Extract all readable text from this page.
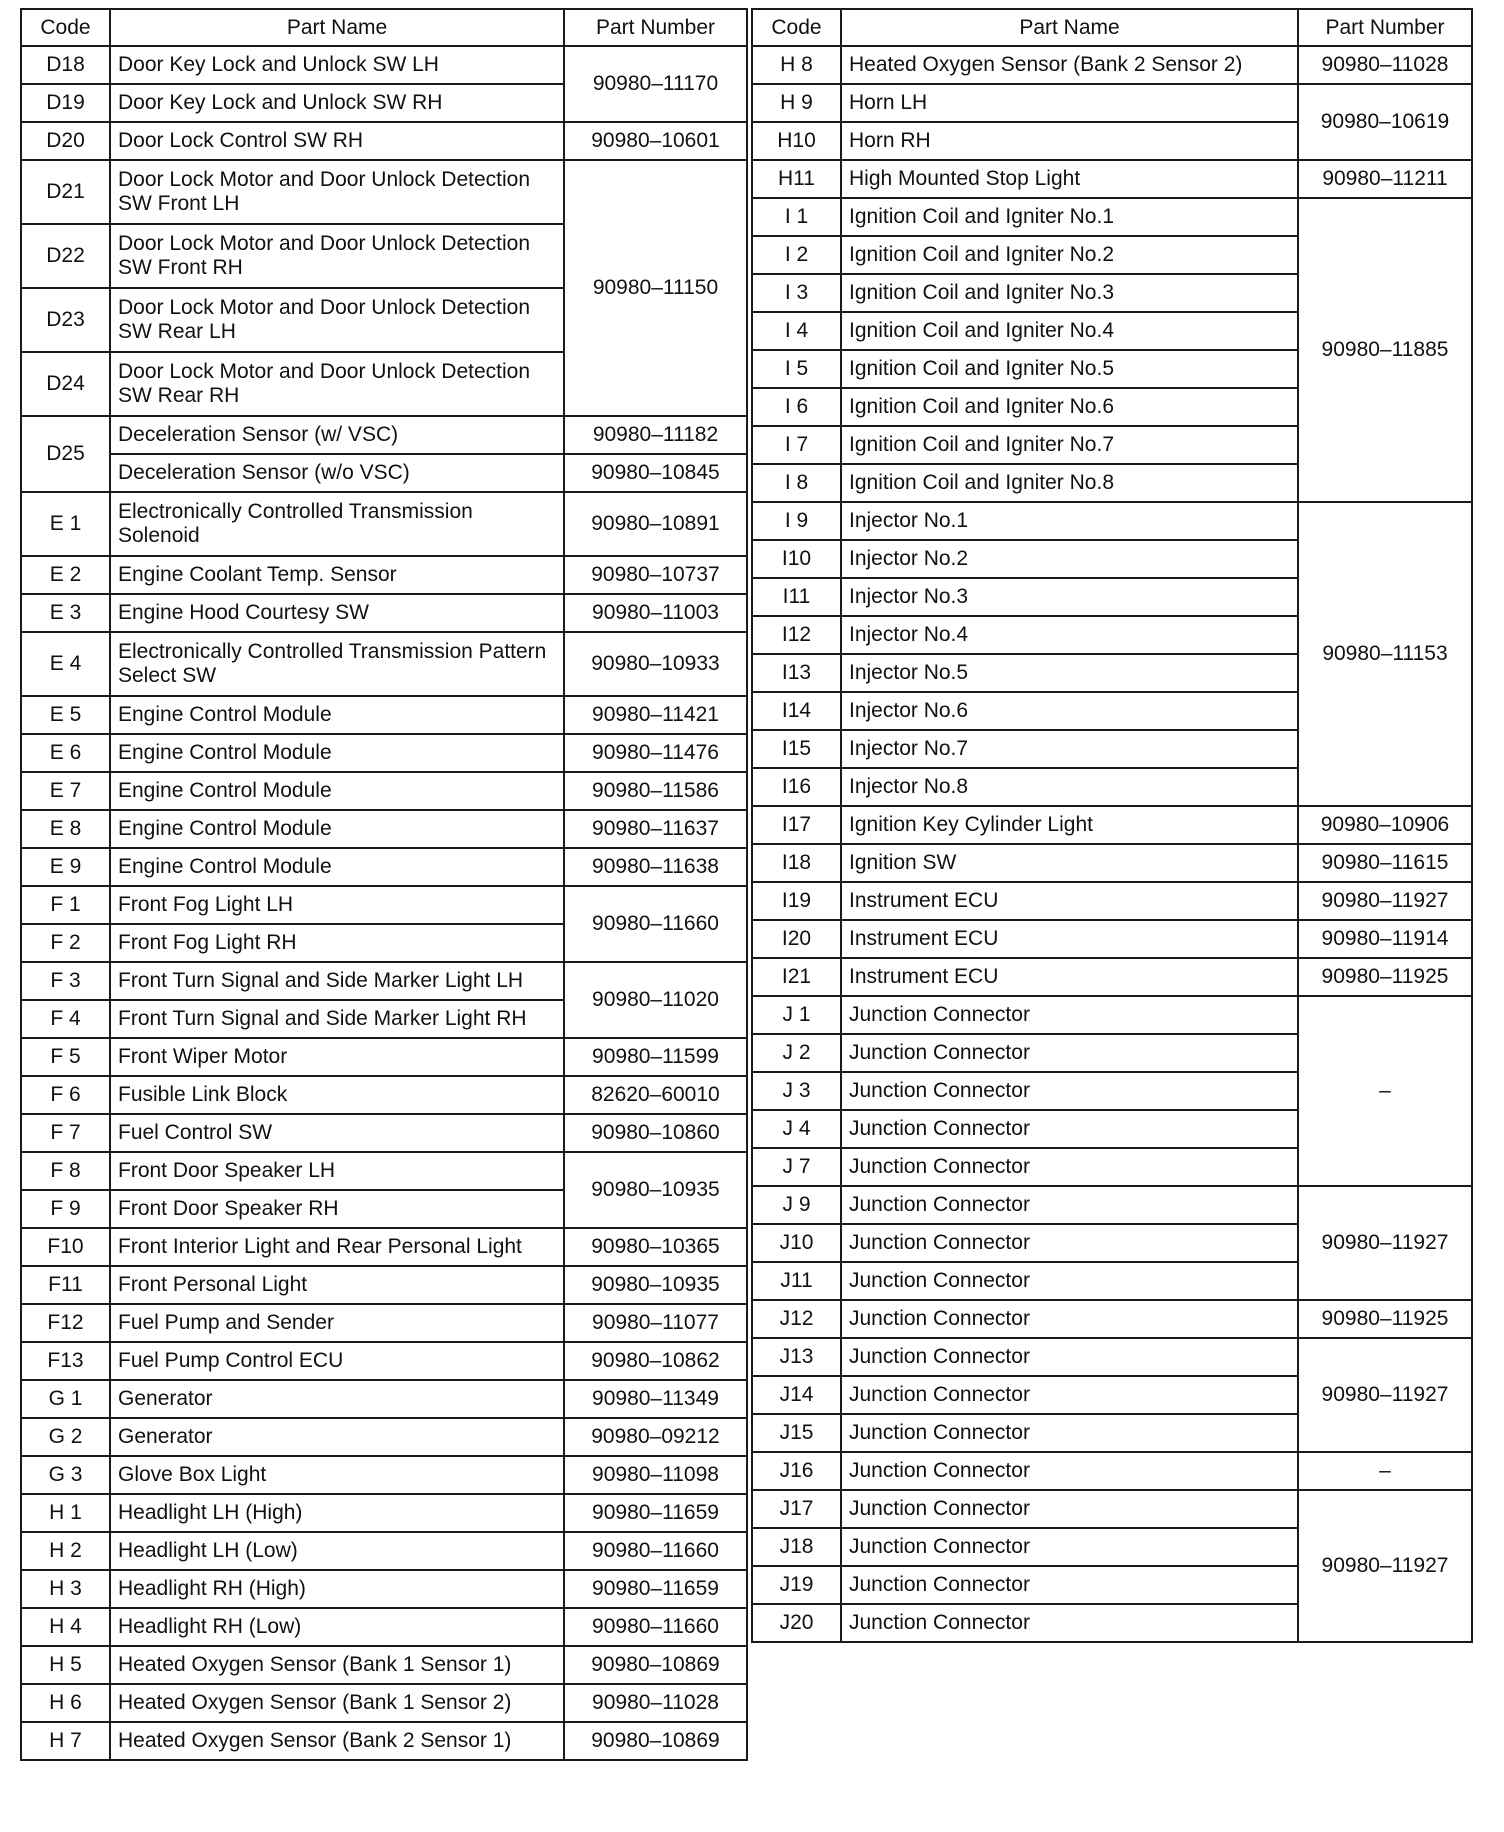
Code	Part Name	Part Number
D18	Door Key Lock and Unlock SW LH	90980–11170
D19	Door Key Lock and Unlock SW RH	
D20	Door Lock Control SW RH	90980–10601
D21	Door Lock Motor and Door Unlock Detection SW Front LH	90980–11150
D22	Door Lock Motor and Door Unlock Detection SW Front RH	
D23	Door Lock Motor and Door Unlock Detection SW Rear LH	
D24	Door Lock Motor and Door Unlock Detection SW Rear RH	
D25	Deceleration Sensor (w/ VSC)	90980–11182
	Deceleration Sensor (w/o VSC)	90980–10845
E 1	Electronically Controlled Transmission Solenoid	90980–10891
E 2	Engine Coolant Temp. Sensor	90980–10737
E 3	Engine Hood Courtesy SW	90980–11003
E 4	Electronically Controlled Transmission Pattern Select SW	90980–10933
E 5	Engine Control Module	90980–11421
E 6	Engine Control Module	90980–11476
E 7	Engine Control Module	90980–11586
E 8	Engine Control Module	90980–11637
E 9	Engine Control Module	90980–11638
F 1	Front Fog Light LH	90980–11660
F 2	Front Fog Light RH	
F 3	Front Turn Signal and Side Marker Light LH	90980–11020
F 4	Front Turn Signal and Side Marker Light RH	
F 5	Front Wiper Motor	90980–11599
F 6	Fusible Link Block	82620–60010
F 7	Fuel Control SW	90980–10860
F 8	Front Door Speaker LH	90980–10935
F 9	Front Door Speaker RH	
F10	Front Interior Light and Rear Personal Light	90980–10365
F11	Front Personal Light	90980–10935
F12	Fuel Pump and Sender	90980–11077
F13	Fuel Pump Control ECU	90980–10862
G 1	Generator	90980–11349
G 2	Generator	90980–09212
G 3	Glove Box Light	90980–11098
H 1	Headlight LH (High)	90980–11659
H 2	Headlight LH (Low)	90980–11660
H 3	Headlight RH (High)	90980–11659
H 4	Headlight RH (Low)	90980–11660
H 5	Heated Oxygen Sensor (Bank 1 Sensor 1)	90980–10869
H 6	Heated Oxygen Sensor (Bank 1 Sensor 2)	90980–11028
H 7	Heated Oxygen Sensor (Bank 2 Sensor 1)	90980–10869
Code	Part Name	Part Number
H 8	Heated Oxygen Sensor (Bank 2 Sensor 2)	90980–11028
H 9	Horn LH	90980–10619
H10	Horn RH	
H11	High Mounted Stop Light	90980–11211
I 1	Ignition Coil and Igniter No.1	90980–11885
I 2	Ignition Coil and Igniter No.2	
I 3	Ignition Coil and Igniter No.3	
I 4	Ignition Coil and Igniter No.4	
I 5	Ignition Coil and Igniter No.5	
I 6	Ignition Coil and Igniter No.6	
I 7	Ignition Coil and Igniter No.7	
I 8	Ignition Coil and Igniter No.8	
I 9	Injector No.1	90980–11153
I10	Injector No.2	
I11	Injector No.3	
I12	Injector No.4	
I13	Injector No.5	
I14	Injector No.6	
I15	Injector No.7	
I16	Injector No.8	
I17	Ignition Key Cylinder Light	90980–10906
I18	Ignition SW	90980–11615
I19	Instrument ECU	90980–11927
I20	Instrument ECU	90980–11914
I21	Instrument ECU	90980–11925
J 1	Junction Connector	–
J 2	Junction Connector	
J 3	Junction Connector	
J 4	Junction Connector	
J 7	Junction Connector	
J 9	Junction Connector	90980–11927
J10	Junction Connector	
J11	Junction Connector	
J12	Junction Connector	90980–11925
J13	Junction Connector	90980–11927
J14	Junction Connector	
J15	Junction Connector	
J16	Junction Connector	–
J17	Junction Connector	90980–11927
J18	Junction Connector	
J19	Junction Connector	
J20	Junction Connector	
